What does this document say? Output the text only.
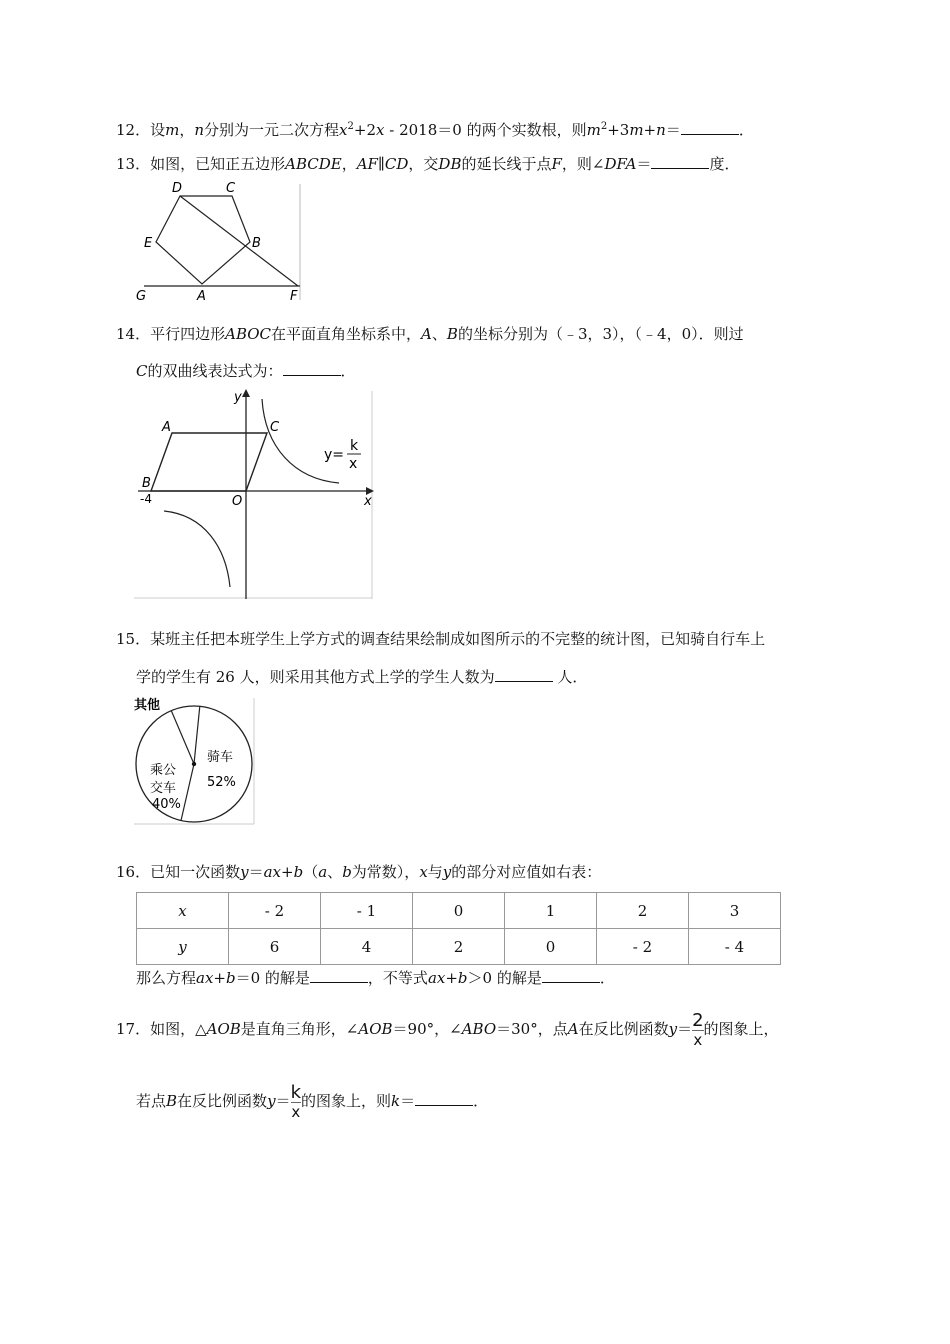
12．设m，n分别为一元二次方程$x^2+2x - 2018=0$ 的两个实数根，则$m^2+3m+n=$	．
13．如图，已知正五边形ABCDE，AF∥CD，交DB的延长线于点F，则∠DFA＝	度．
D	C
E	B
G	A	F
14．平行四边形ABOC在平面直角坐标系中，A、B的坐标分别为（﹣3，3），（﹣4，0）．则过
C的双曲线表达式为：	．
y
A	C
B
-4	O	x
y=
k
x
15．某班主任把本班学生上学方式的调查结果绘制成如图所示的不完整的统计图，已知骑自行车上
学的学生有 26 人，则采用其他方式上学的学生人数为	人．
其他
骑车
52%
乘公
交车
40%
16．已知一次函数y＝ax+b（a、b为常数），x与y的部分对应值如右表：
x	- 2	- 1	0	1	2	3
y	6	4	2	0	- 2	- 4
那么方程ax+b＝0 的解是	，不等式ax+b＞0 的解是	．
17．如图，△AOB是直角三角形，∠AOB＝90°，∠ABO＝30°，点A在反比例函数$y= \frac{2}{x}$ 的图象上，
若点B在反比例函数$y= \frac{k}{x}$ 的图象上，则k＝	．
